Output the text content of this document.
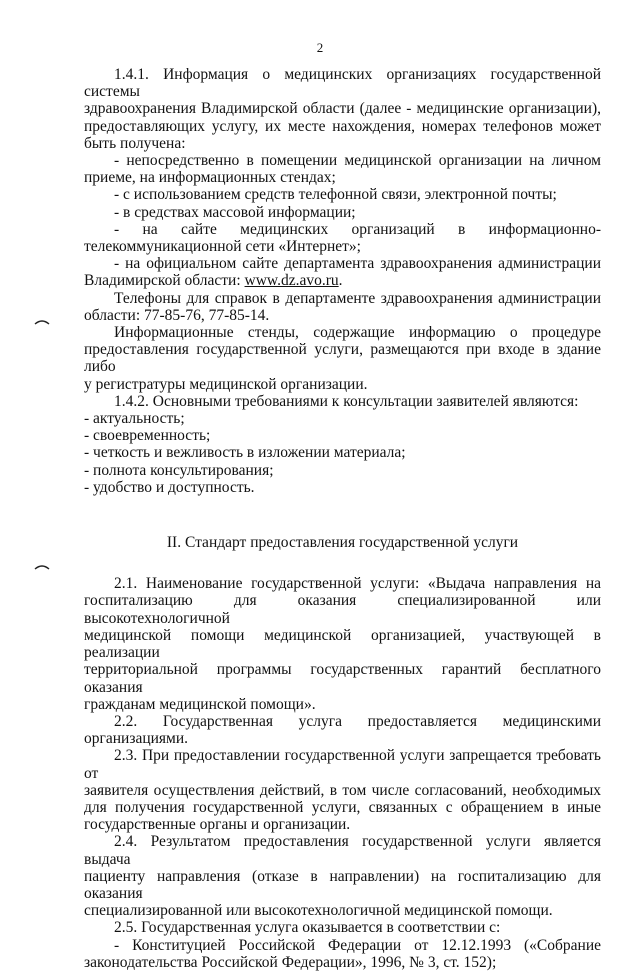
2

1.4.1. Информация о медицинских организациях государственной системы

здравоохранения Владимирской области (далее - медицинские организации),

предоставляющих услугу, их месте нахождения, номерах телефонов может

быть получена:

- непосредственно в помещении медицинской организации на личном

приеме, на информационных стендах;

- с использованием средств телефонной связи, электронной почты;

- в средствах массовой информации;

- на сайте медицинских организаций в информационно-

телекоммуникационной сети «Интернет»;

- на официальном сайте департамента здравоохранения администрации

Владимирской области: www.dz.avo.ru.

Телефоны для справок в департаменте здравоохранения администрации

области: 77-85-76, 77-85-14.

Информационные стенды, содержащие информацию о процедуре

предоставления государственной услуги, размещаются при входе в здание либо

у регистратуры медицинской организации.

1.4.2. Основными требованиями к консультации заявителей являются:

- актуальность;

- своевременность;

- четкость и вежливость в изложении материала;

- полнота консультирования;

- удобство и доступность.

II. Стандарт предоставления государственной услуги

2.1. Наименование государственной услуги: «Выдача направления на

госпитализацию для оказания специализированной или высокотехнологичной

медицинской помощи медицинской организацией, участвующей в реализации

территориальной программы государственных гарантий бесплатного оказания

гражданам медицинской помощи».

2.2. Государственная услуга предоставляется медицинскими

организациями.

2.3. При предоставлении государственной услуги запрещается требовать от

заявителя осуществления действий, в том числе согласований, необходимых

для получения государственной услуги, связанных с обращением в иные

государственные органы и организации.

2.4. Результатом предоставления государственной услуги является выдача

пациенту направления (отказе в направлении) на госпитализацию для оказания

специализированной или высокотехнологичной медицинской помощи.

2.5. Государственная услуга оказывается в соответствии с:

- Конституцией Российской Федерации от 12.12.1993 («Собрание

законодательства Российской Федерации», 1996, № 3, ст. 152);
